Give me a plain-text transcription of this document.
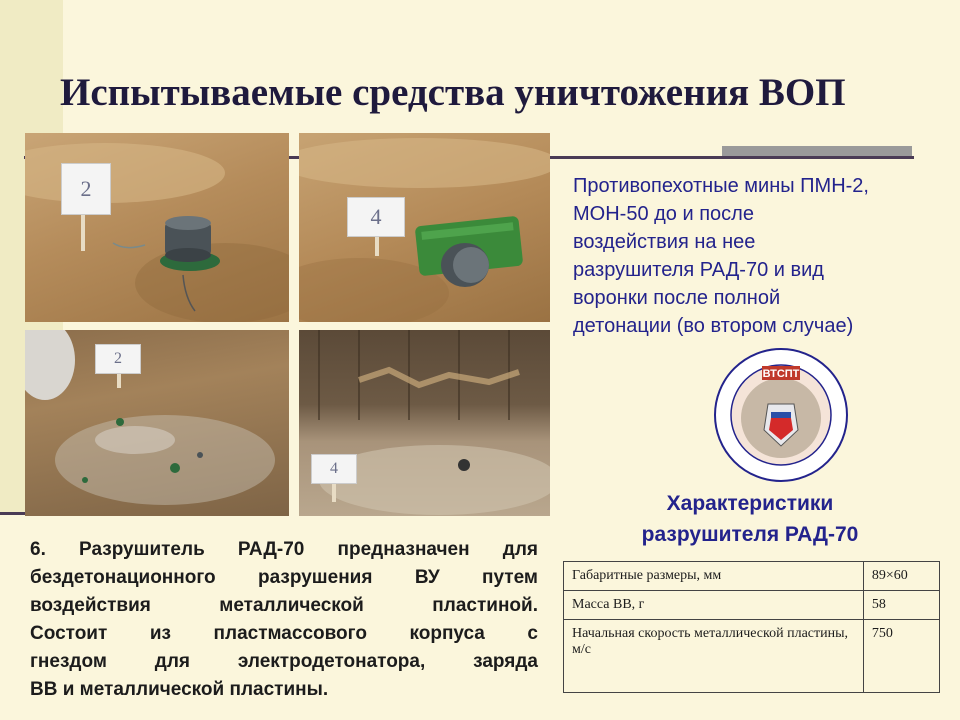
Испытываемые средства уничтожения ВОП
2
4
2
4
Противопехотные мины ПМН-2, МОН-50 до и после воздействия на нее разрушителя РАД-70 и вид воронки после полной детонации (во втором случае)
ВТСПТ
Характеристики разрушителя РАД-70
6. Разрушитель РАД-70 предназначен для
бездетонационного разрушения ВУ путем
воздействия металлической пластиной.
Состоит из пластмассового корпуса с
гнездом для электродетонатора, заряда
ВВ и металлической пластины.
Габаритные размеры, мм	89×60
Масса ВВ, г	58
Начальная скорость металлической пластины, м/с	750
